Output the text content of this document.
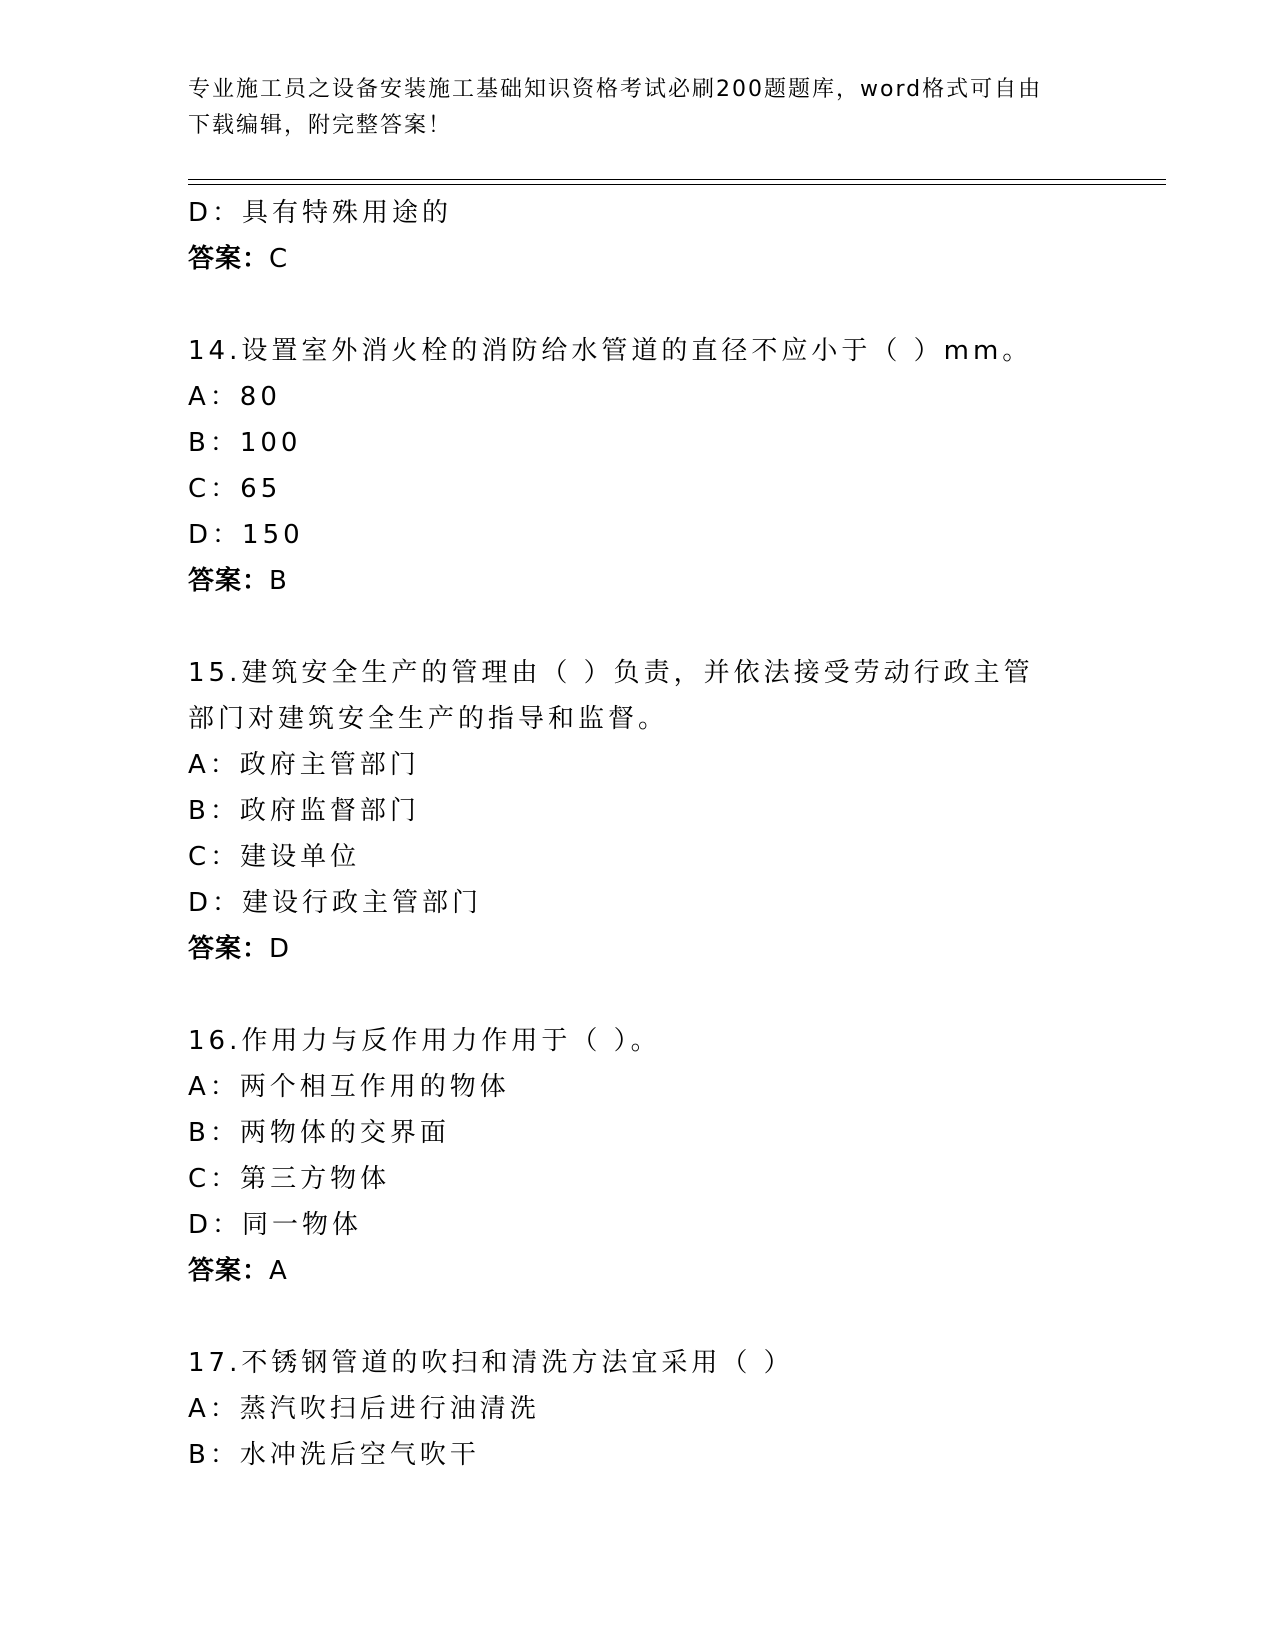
专业施工员之设备安装施工基础知识资格考试必刷200题题库，word格式可自由
下载编辑，附完整答案！
D：具有特殊用途的
答案：C
14.设置室外消火栓的消防给水管道的直径不应小于（ ）mm。
A：80
B：100
C：65
D：150
答案：B
15.建筑安全生产的管理由（ ）负责，并依法接受劳动行政主管部门对建筑安全生产的指导和监督。
A：政府主管部门
B：政府监督部门
C：建设单位
D：建设行政主管部门
答案：D
16.作用力与反作用力作用于（ ）。
A：两个相互作用的物体
B：两物体的交界面
C：第三方物体
D：同一物体
答案：A
17.不锈钢管道的吹扫和清洗方法宜采用（ ）
A：蒸汽吹扫后进行油清洗
B：水冲洗后空气吹干
